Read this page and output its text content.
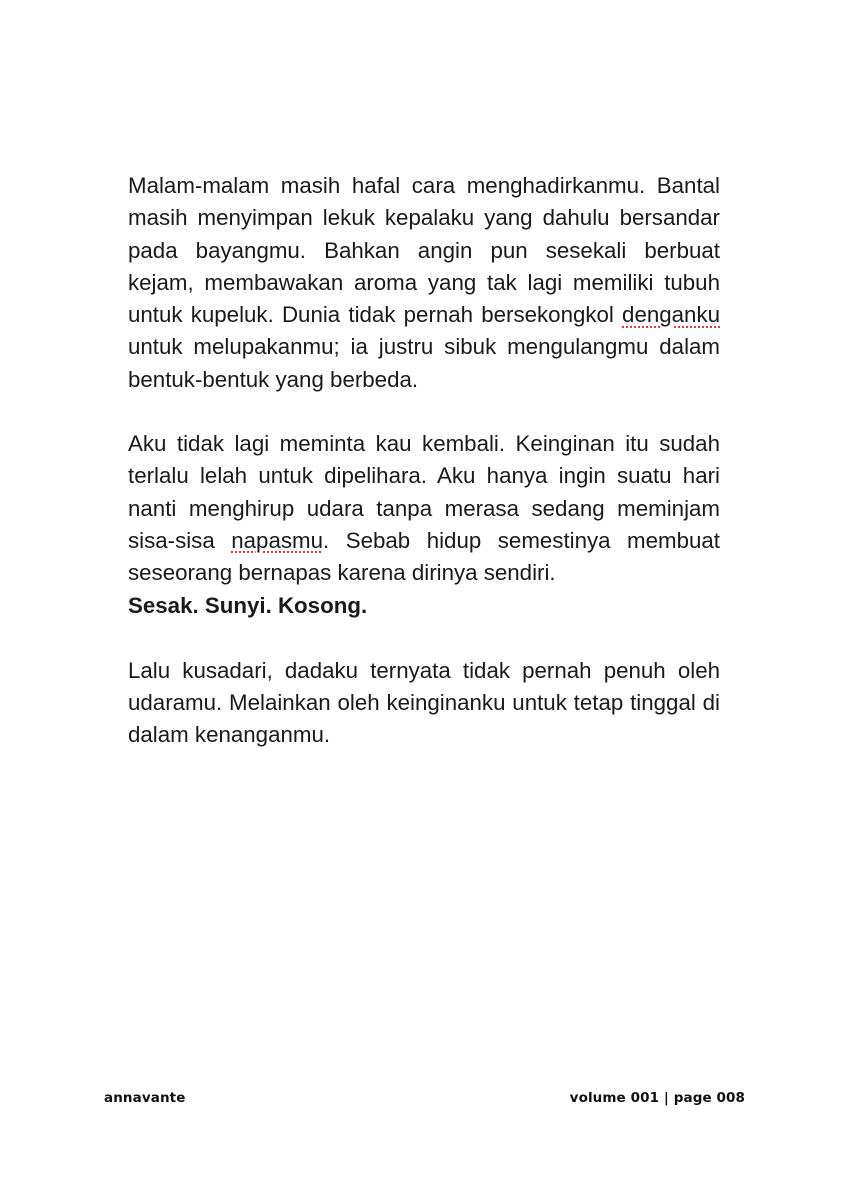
Malam-malam masih hafal cara menghadirkanmu. Bantal masih menyimpan lekuk kepalaku yang dahulu bersandar pada bayangmu. Bahkan angin pun sesekali berbuat kejam, membawakan aroma yang tak lagi memiliki tubuh untuk kupeluk. Dunia tidak pernah bersekongkol denganku untuk melupakanmu; ia justru sibuk mengulangmu dalam bentuk-bentuk yang berbeda.

Aku tidak lagi meminta kau kembali. Keinginan itu sudah terlalu lelah untuk dipelihara. Aku hanya ingin suatu hari nanti menghirup udara tanpa merasa sedang meminjam sisa-sisa napasmu. Sebab hidup semestinya membuat seseorang bernapas karena dirinya sendiri.

Sesak. Sunyi. Kosong.

Lalu kusadari, dadaku ternyata tidak pernah penuh oleh udaramu. Melainkan oleh keinginanku untuk tetap tinggal di dalam kenanganmu.

annavante	volume 001 | page 008
